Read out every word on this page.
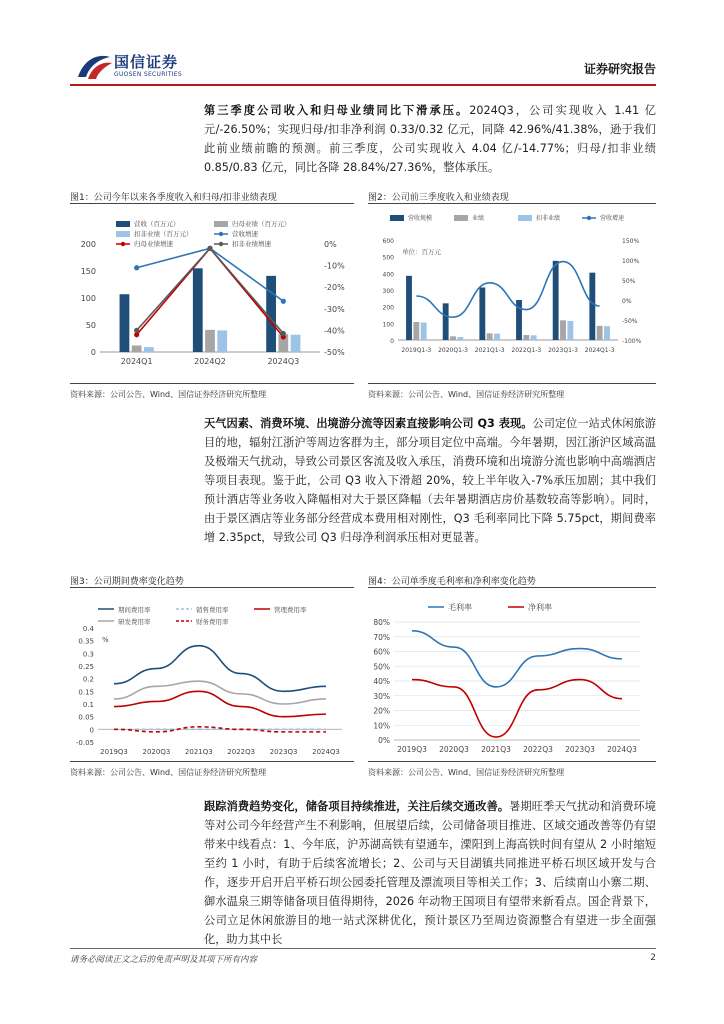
国信证券
GUOSEN SECURITIES	证券研究报告
第三季度公司收入和归母业绩同比下滑承压。2024Q3，公司实现收入 1.41 亿元/-26.50%；实现归母/扣非净利润 0.33/0.32 亿元，同降 42.96%/41.38%，逊于我们此前业绩前瞻的预测。前三季度，公司实现收入 4.04 亿/-14.77%；归母/扣非业绩 0.85/0.83 亿元，同比各降 28.84%/27.36%，整体承压。
图1：公司今年以来各季度收入和归母/扣非业绩表现
营收（百万元）	归母业绩（百万元）
扣非业绩（百万元）	营收增速
归母业绩增速	扣非业绩增速
0
50
100
150
200
-50%
-40%
-30%
-20%
-10%
0%
2024Q1	2024Q2	2024Q3
资料来源：公司公告、Wind、国信证券经济研究所整理
图2：公司前三季度收入和业绩表现
营收规模	业绩	扣非业绩	营收增速
单位：百万元
0
100
200
300
400
500
600
-100%
-50%
0%
50%
100%
150%
2019Q1-3 2020Q1-3 2021Q1-3 2022Q1-3 2023Q1-3 2024Q1-3
资料来源：公司公告、Wind、国信证券经济研究所整理
天气因素、消费环境、出境游分流等因素直接影响公司 Q3 表现。公司定位一站式休闲旅游目的地，辐射江浙沪等周边客群为主，部分项目定位中高端。今年暑期，因江浙沪区域高温及极端天气扰动，导致公司景区客流及收入承压，消费环境和出境游分流也影响中高端酒店等项目表现。鉴于此，公司 Q3 收入下滑超 20%，较上半年收入-7%承压加剧；其中我们预计酒店等业务收入降幅相对大于景区降幅（去年暑期酒店房价基数较高等影响）。同时，由于景区酒店等业务部分经营成本费用相对刚性，Q3 毛利率同比下降 5.75pct，期间费率增 2.35pct，导致公司 Q3 归母净利润承压相对更显著。
图3：公司期间费率变化趋势
期间费用率	销售费用率	管理费用率
研发费用率	财务费用率
%
-0.05
0
0.05
0.1
0.15
0.2
0.25
0.3
0.35
0.4
2019Q3 2020Q3 2021Q3 2022Q3 2023Q3 2024Q3
资料来源：公司公告、Wind、国信证券经济研究所整理
图4：公司单季度毛利率和净利率变化趋势
毛利率	净利率
0%
10%
20%
30%
40%
50%
60%
70%
80%
2019Q3 2020Q3 2021Q3 2022Q3 2023Q3 2024Q3
资料来源：公司公告、Wind、国信证券经济研究所整理
跟踪消费趋势变化，储备项目持续推进，关注后续交通改善。暑期旺季天气扰动和消费环境等对公司今年经营产生不利影响，但展望后续，公司储备项目推进、区域交通改善等仍有望带来中线看点：1、今年底，沪苏湖高铁有望通车，溧阳到上海高铁时间有望从 2 小时缩短至约 1 小时，有助于后续客流增长；2、公司与天目湖镇共同推进平桥石坝区域开发与合作，逐步开启开启平桥石坝公园委托管理及漂流项目等相关工作；3、后续南山小寨二期、御水温泉三期等储备项目值得期待，2026 年动物王国项目有望带来新看点。国企背景下，公司立足休闲旅游目的地一站式深耕优化，预计景区乃至周边资源整合有望进一步全面强化，助力其中长
请务必阅读正文之后的免责声明及其项下所有内容	2
